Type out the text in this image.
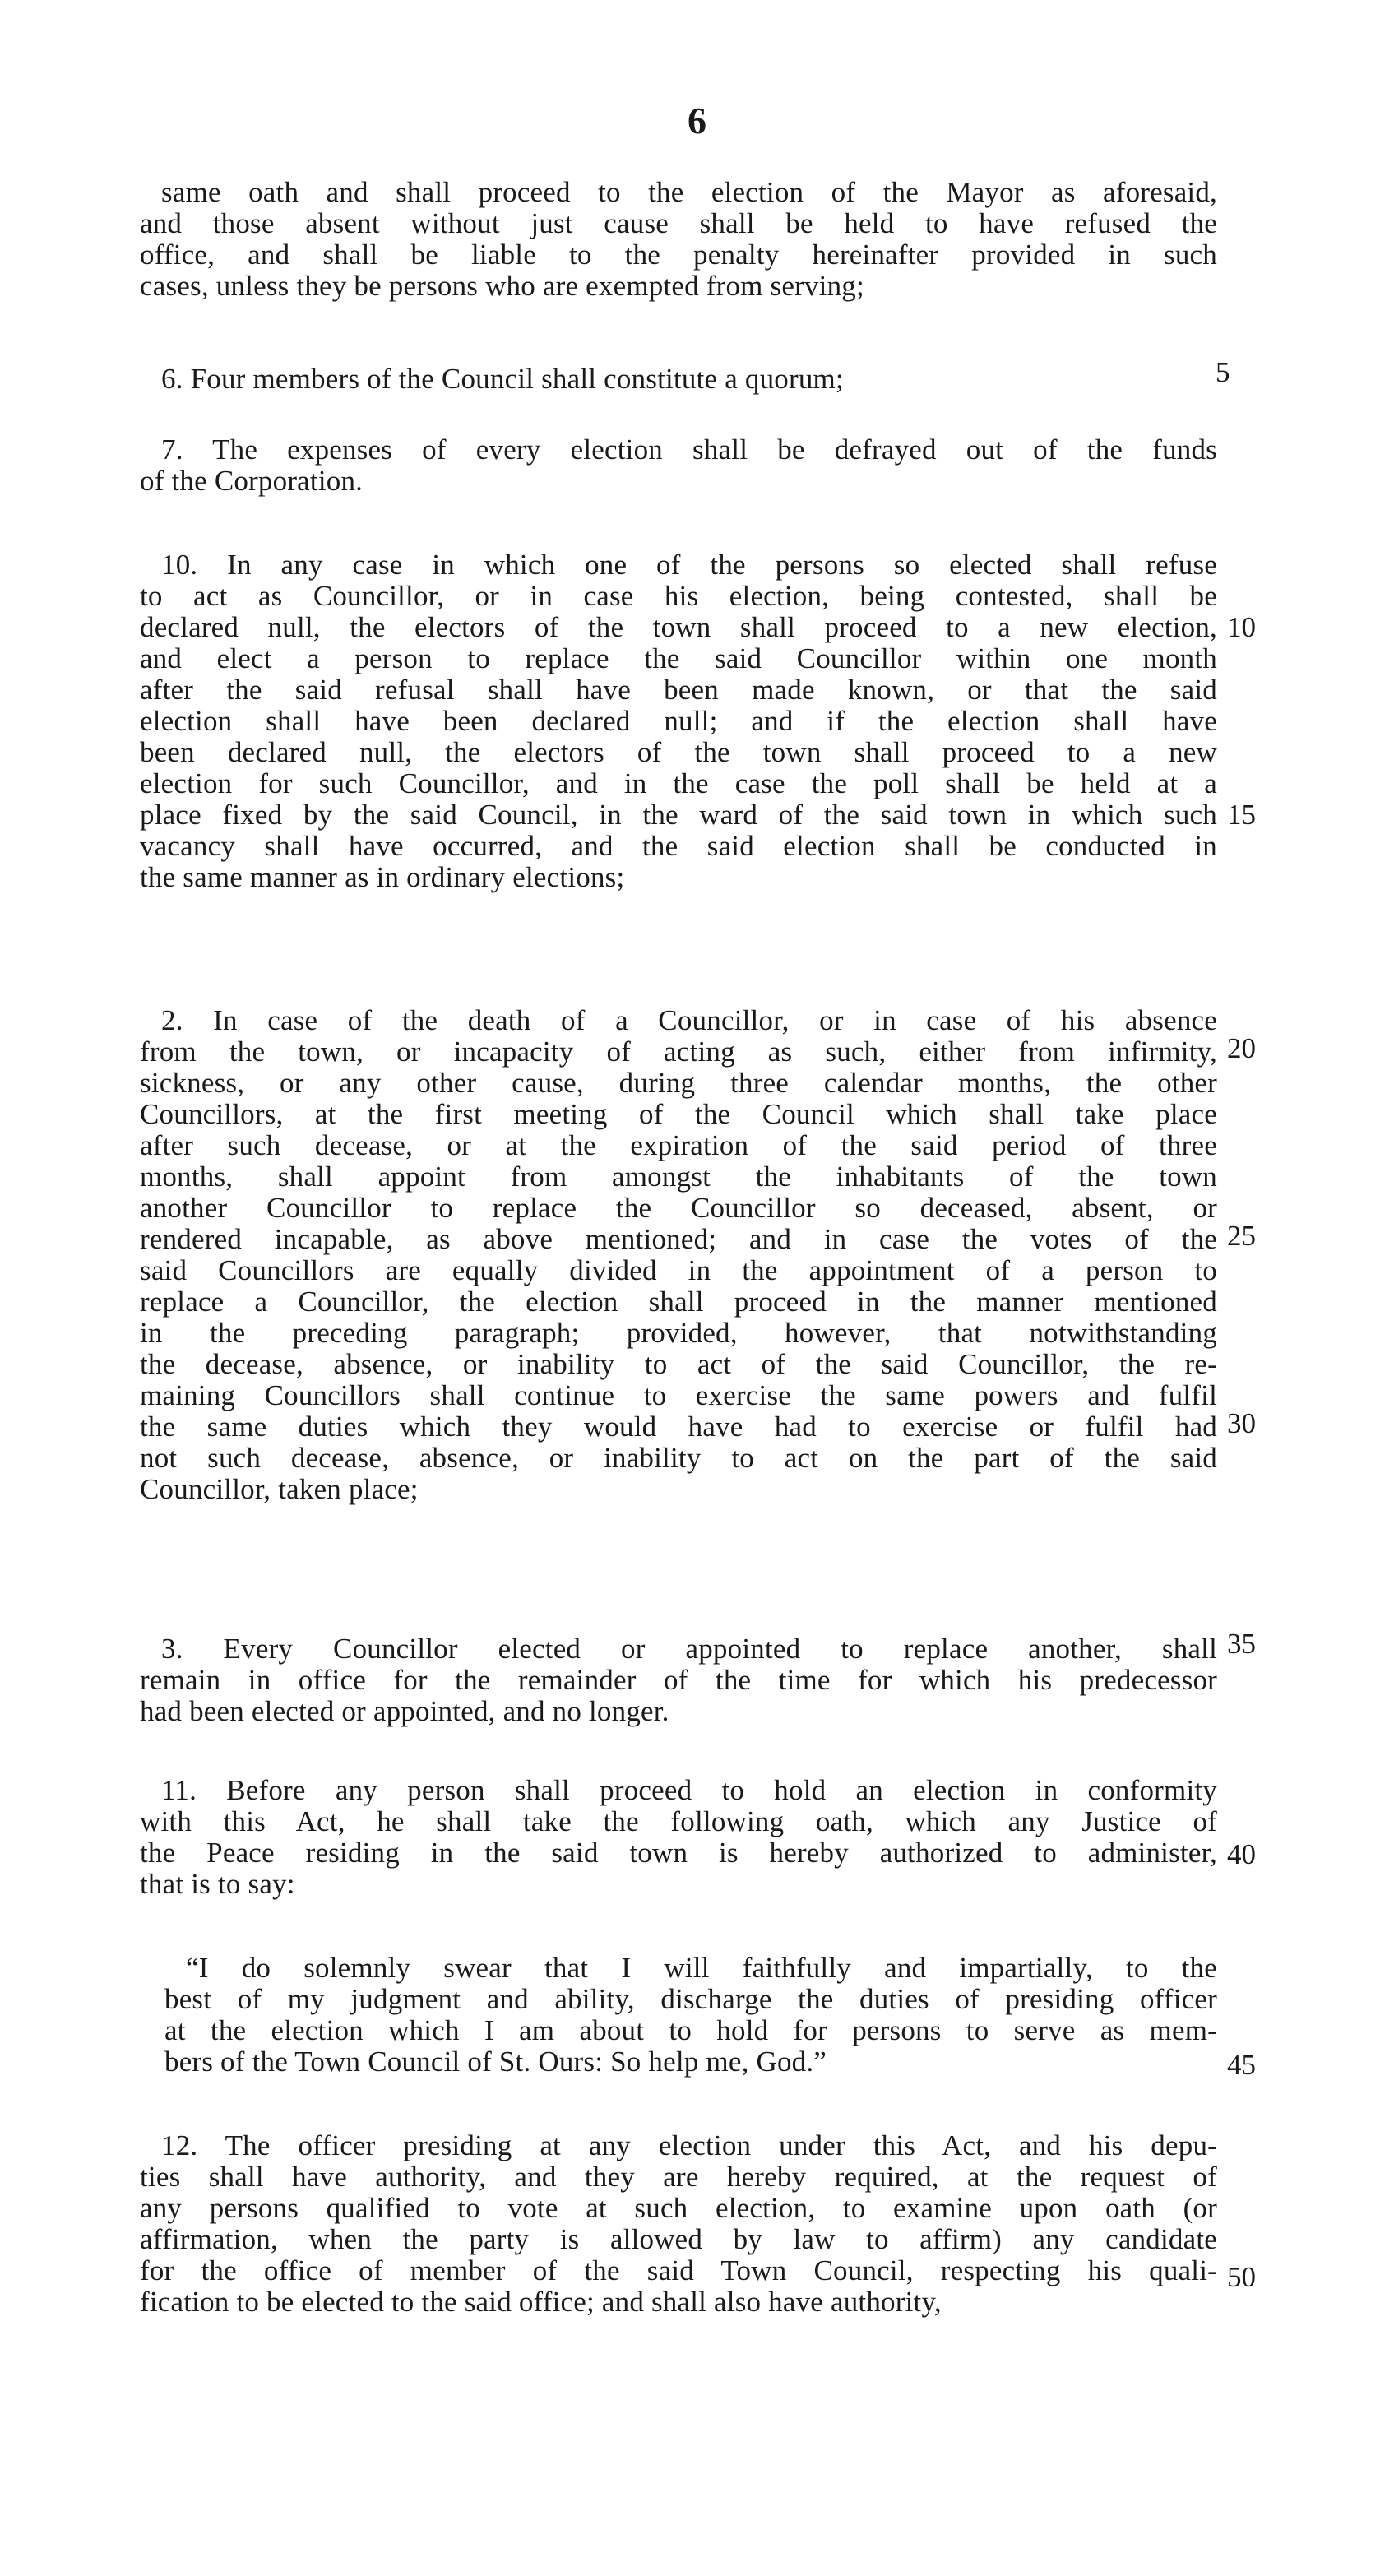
6
same oath and shall proceed to the election of the Mayor as aforesaid,
and those absent without just cause shall be held to have refused the
office, and shall be liable to the penalty hereinafter provided in such
cases, unless they be persons who are exempted from serving;
6. Four members of the Council shall constitute a quorum;
7. The expenses of every election shall be defrayed out of the funds
of the Corporation.
10. In any case in which one of the persons so elected shall refuse
to act as Councillor, or in case his election, being contested, shall be
declared null, the electors of the town shall proceed to a new election,
and elect a person to replace the said Councillor within one month
after the said refusal shall have been made known, or that the said
election shall have been declared null; and if the election shall have
been declared null, the electors of the town shall proceed to a new
election for such Councillor, and in the case the poll shall be held at a
place fixed by the said Council, in the ward of the said town in which such
vacancy shall have occurred, and the said election shall be conducted in
the same manner as in ordinary elections;
2. In case of the death of a Councillor, or in case of his absence
from the town, or incapacity of acting as such, either from infirmity,
sickness, or any other cause, during three calendar months, the other
Councillors, at the first meeting of the Council which shall take place
after such decease, or at the expiration of the said period of three
months, shall appoint from amongst the inhabitants of the town
another Councillor to replace the Councillor so deceased, absent, or
rendered incapable, as above mentioned; and in case the votes of the
said Councillors are equally divided in the appointment of a person to
replace a Councillor, the election shall proceed in the manner mentioned
in the preceding paragraph; provided, however, that notwithstanding
the decease, absence, or inability to act of the said Councillor, the re-
maining Councillors shall continue to exercise the same powers and fulfil
the same duties which they would have had to exercise or fulfil had
not such decease, absence, or inability to act on the part of the said
Councillor, taken place;
3. Every Councillor elected or appointed to replace another, shall
remain in office for the remainder of the time for which his predecessor
had been elected or appointed, and no longer.
11. Before any person shall proceed to hold an election in conformity
with this Act, he shall take the following oath, which any Justice of
the Peace residing in the said town is hereby authorized to administer,
that is to say:
“I do solemnly swear that I will faithfully and impartially, to the
best of my judgment and ability, discharge the duties of presiding officer
at the election which I am about to hold for persons to serve as mem-
bers of the Town Council of St. Ours: So help me, God.”
12. The officer presiding at any election under this Act, and his depu-
ties shall have authority, and they are hereby required, at the request of
any persons qualified to vote at such election, to examine upon oath (or
affirmation, when the party is allowed by law to affirm) any candidate
for the office of member of the said Town Council, respecting his quali-
fication to be elected to the said office; and shall also have authority,
5
10
15
20
25
30
35
40
45
50
